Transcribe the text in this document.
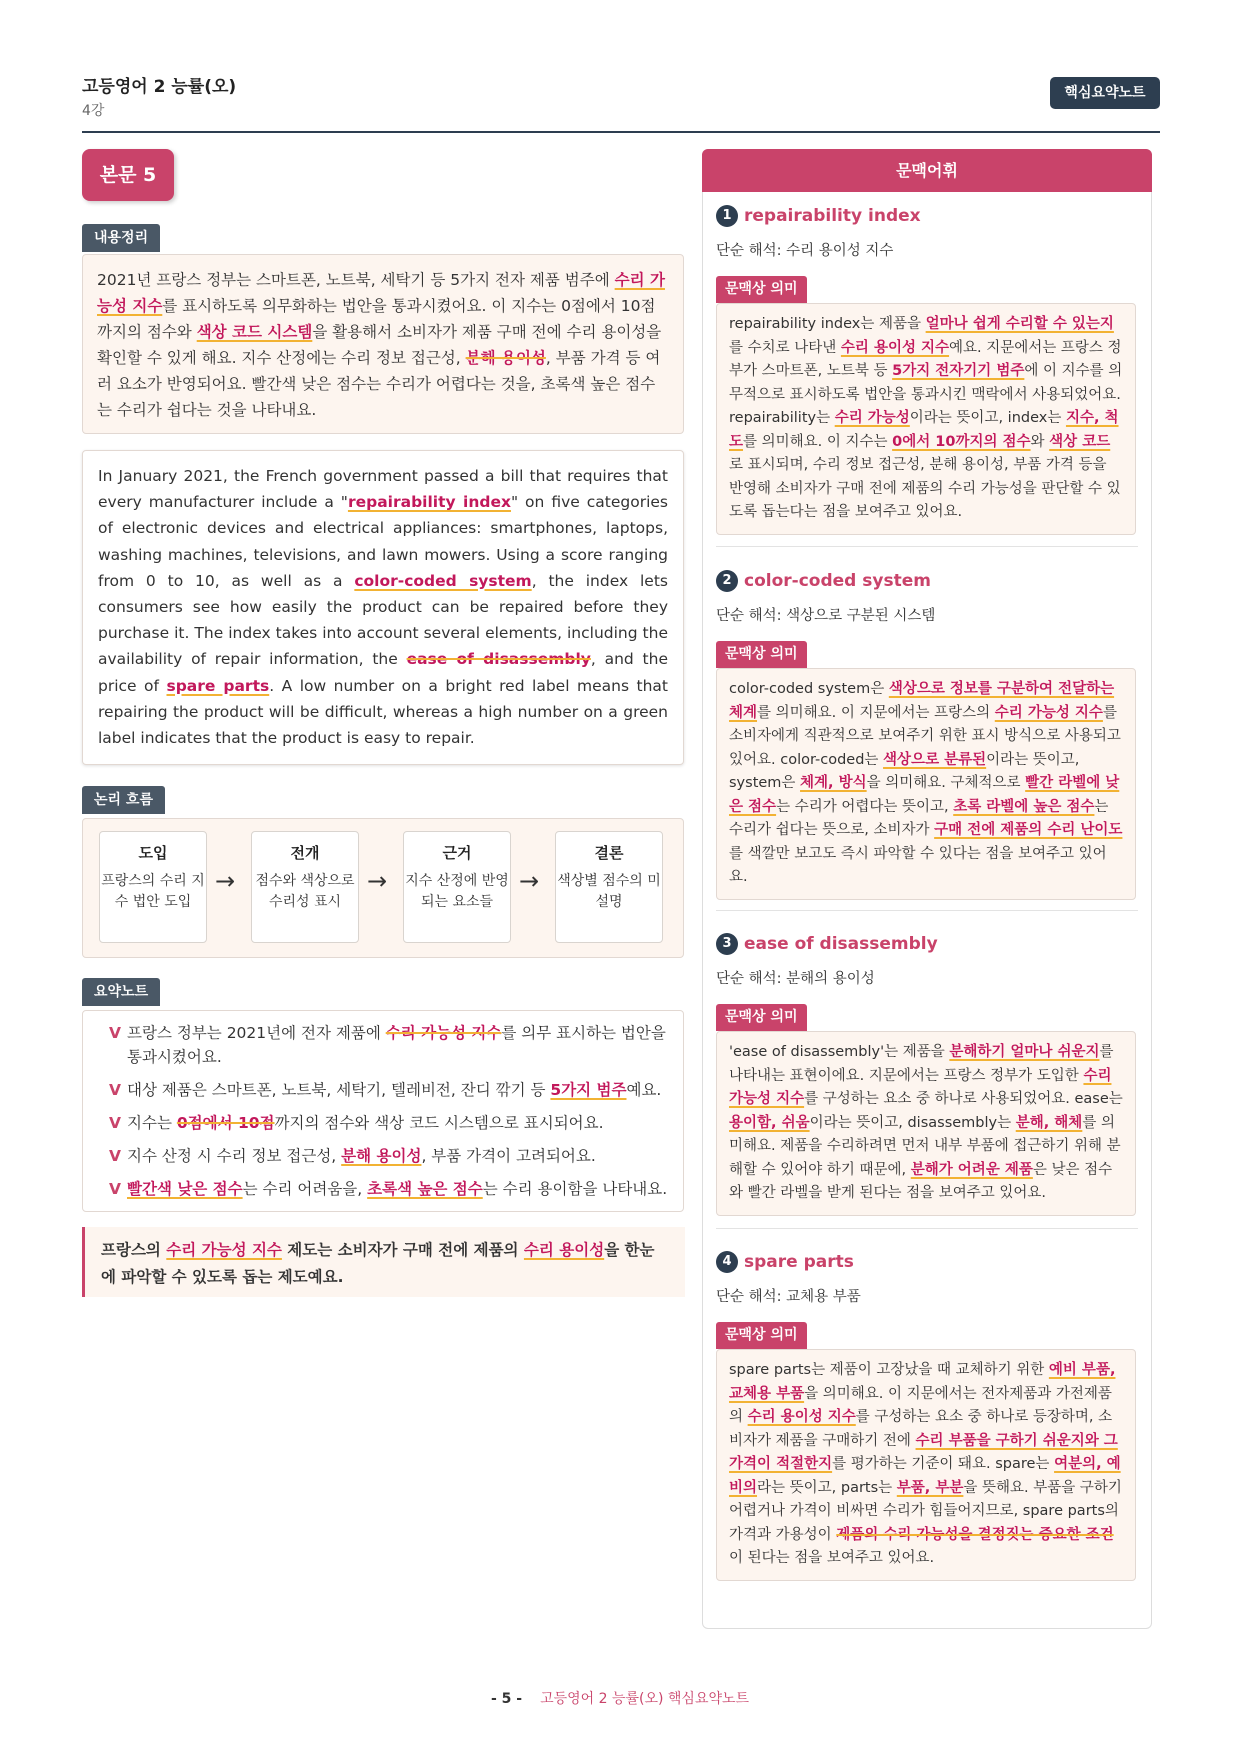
고등영어 2 능률(오)
4강
핵심요약노트
본문 5
내용정리

2021년 프랑스 정부는 스마트폰, 노트북, 세탁기 등 5가지 전자 제품 범주에 수리 가능성 지수를 표시하도록 의무화하는 법안을 통과시켰어요. 이 지수는 0점에서 10점까지의 점수와 색상 코드 시스템을 활용해서 소비자가 제품 구매 전에 수리 용이성을 확인할 수 있게 해요. 지수 산정에는 수리 정보 접근성, 분해 용이성, 부품 가격 등 여러 요소가 반영되어요. 빨간색 낮은 점수는 수리가 어렵다는 것을, 초록색 높은 점수는 수리가 쉽다는 것을 나타내요.

In January 2021, the French government passed a bill that requires that every manufacturer include a "repairability index" on five categories of electronic devices and electrical appliances: smartphones, laptops, washing machines, televisions, and lawn mowers. Using a score ranging from 0 to 10, as well as a color-coded system, the index lets consumers see how easily the product can be repaired before they purchase it. The index takes into account several elements, including the availability of repair information, the ease of disassembly, and the price of spare parts. A low number on a bright red label means that repairing the product will be difficult, whereas a high number on a green label indicates that the product is easy to repair.

논리 흐름
도입
프랑스의 수리 지수 법안 도입
→
전개
점수와 색상으로 수리성 표시
→
근거
지수 산정에 반영되는 요소들
→
결론
색상별 점수의 미 설명
요약노트
V 프랑스 정부는 2021년에 전자 제품에 수리 가능성 지수를 의무 표시하는 법안을 통과시켰어요.
V 대상 제품은 스마트폰, 노트북, 세탁기, 텔레비전, 잔디 깎기 등 5가지 범주예요.
V 지수는 0점에서 10점까지의 점수와 색상 코드 시스템으로 표시되어요.
V 지수 산정 시 수리 정보 접근성, 분해 용이성, 부품 가격이 고려되어요.
V 빨간색 낮은 점수는 수리 어려움을, 초록색 높은 점수는 수리 용이함을 나타내요.

프랑스의 수리 가능성 지수 제도는 소비자가 구매 전에 제품의 수리 용이성을 한눈에 파악할 수 있도록 돕는 제도예요.

문맥어휘
1 repairability index
단순 해석: 수리 용이성 지수
문맥상 의미
repairability index는 제품을 얼마나 쉽게 수리할 수 있는지를 수치로 나타낸 수리 용이성 지수예요. 지문에서는 프랑스 정부가 스마트폰, 노트북 등 5가지 전자기기 범주에 이 지수를 의무적으로 표시하도록 법안을 통과시킨 맥락에서 사용되었어요. repairability는 수리 가능성이라는 뜻이고, index는 지수, 척도를 의미해요. 이 지수는 0에서 10까지의 점수와 색상 코드로 표시되며, 수리 정보 접근성, 분해 용이성, 부품 가격 등을 반영해 소비자가 구매 전에 제품의 수리 가능성을 판단할 수 있도록 돕는다는 점을 보여주고 있어요.
2 color-coded system
단순 해석: 색상으로 구분된 시스템
문맥상 의미
color-coded system은 색상으로 정보를 구분하여 전달하는 체계를 의미해요. 이 지문에서는 프랑스의 수리 가능성 지수를 소비자에게 직관적으로 보여주기 위한 표시 방식으로 사용되고 있어요. color-coded는 색상으로 분류된이라는 뜻이고, system은 체계, 방식을 의미해요. 구체적으로 빨간 라벨에 낮은 점수는 수리가 어렵다는 뜻이고, 초록 라벨에 높은 점수는 수리가 쉽다는 뜻으로, 소비자가 구매 전에 제품의 수리 난이도를 색깔만 보고도 즉시 파악할 수 있다는 점을 보여주고 있어요.
3 ease of disassembly
단순 해석: 분해의 용이성
문맥상 의미
'ease of disassembly'는 제품을 분해하기 얼마나 쉬운지를 나타내는 표현이에요. 지문에서는 프랑스 정부가 도입한 수리 가능성 지수를 구성하는 요소 중 하나로 사용되었어요. ease는 용이함, 쉬움이라는 뜻이고, disassembly는 분해, 해체를 의미해요. 제품을 수리하려면 먼저 내부 부품에 접근하기 위해 분해할 수 있어야 하기 때문에, 분해가 어려운 제품은 낮은 점수와 빨간 라벨을 받게 된다는 점을 보여주고 있어요.
4 spare parts
단순 해석: 교체용 부품
문맥상 의미
spare parts는 제품이 고장났을 때 교체하기 위한 예비 부품, 교체용 부품을 의미해요. 이 지문에서는 전자제품과 가전제품의 수리 용이성 지수를 구성하는 요소 중 하나로 등장하며, 소비자가 제품을 구매하기 전에 수리 부품을 구하기 쉬운지와 그 가격이 적절한지를 평가하는 기준이 돼요. spare는 여분의, 예비의라는 뜻이고, parts는 부품, 부분을 뜻해요. 부품을 구하기 어렵거나 가격이 비싸면 수리가 힘들어지므로, spare parts의 가격과 가용성이 제품의 수리 가능성을 결정짓는 중요한 조건이 된다는 점을 보여주고 있어요.
- 5 - 고등영어 2 능률(오) 핵심요약노트
